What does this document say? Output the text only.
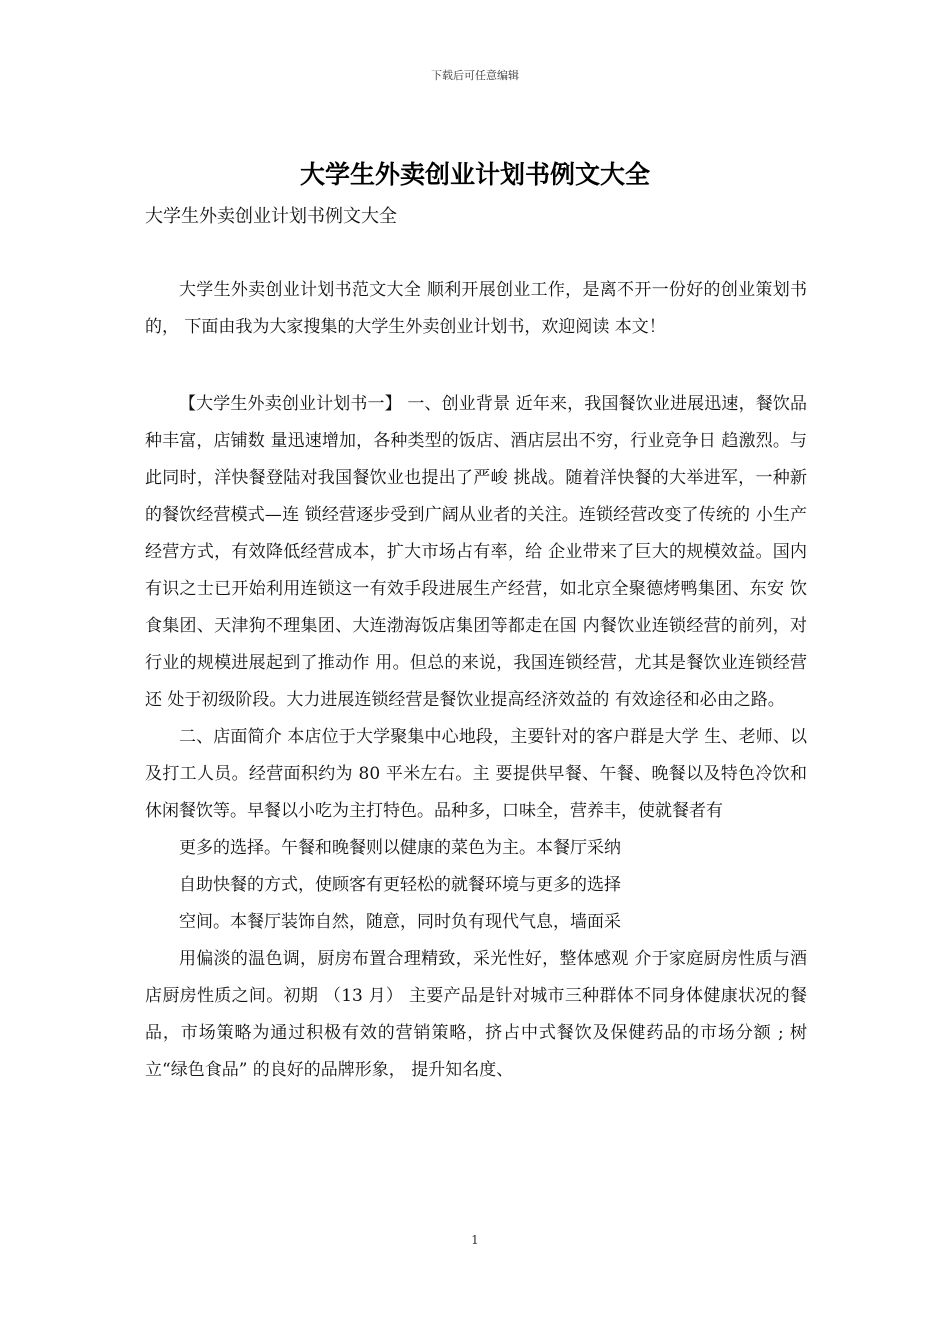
下载后可任意编辑
大学生外卖创业计划书例文大全
大学生外卖创业计划书例文大全

大学生外卖创业计划书范文大全 顺利开展创业工作，是离不开一份好的创业策划书的， 下面由我为大家搜集的大学生外卖创业计划书，欢迎阅读 本文！

【大学生外卖创业计划书一】 一、创业背景 近年来，我国餐饮业进展迅速，餐饮品种丰富，店铺数 量迅速增加，各种类型的饭店、酒店层出不穷，行业竞争日 趋激烈。与此同时，洋快餐登陆对我国餐饮业也提出了严峻 挑战。随着洋快餐的大举进军，一种新的餐饮经营模式—连 锁经营逐步受到广阔从业者的关注。连锁经营改变了传统的 小生产经营方式，有效降低经营成本，扩大市场占有率，给 企业带来了巨大的规模效益。国内有识之士已开始利用连锁这一有效手段进展生产经营，如北京全聚德烤鸭集团、东安 饮食集团、天津狗不理集团、大连渤海饭店集团等都走在国 内餐饮业连锁经营的前列，对行业的规模进展起到了推动作 用。但总的来说，我国连锁经营，尤其是餐饮业连锁经营还 处于初级阶段。大力进展连锁经营是餐饮业提高经济效益的 有效途径和必由之路。

二、店面简介 本店位于大学聚集中心地段，主要针对的客户群是大学 生、老师、以及打工人员。经营面积约为 80 平米左右。主 要提供早餐、午餐、晚餐以及特色冷饮和休闲餐饮等。早餐以小吃为主打特色。品种多，口味全，营养丰，使就餐者有

更多的选择。午餐和晚餐则以健康的菜色为主。本餐厅采纳

自助快餐的方式，使顾客有更轻松的就餐环境与更多的选择

空间。本餐厅装饰自然，随意，同时负有现代气息，墙面采

用偏淡的温色调，厨房布置合理精致，采光性好，整体感观 介于家庭厨房性质与酒店厨房性质之间。初期 （13 月） 主要产品是针对城市三种群体不同身体健康状况的餐 品，市场策略为通过积极有效的营销策略，挤占中式餐饮及保健药品的市场分额 ; 树立“绿色食品” 的良好的品牌形象， 提升知名度、

1
